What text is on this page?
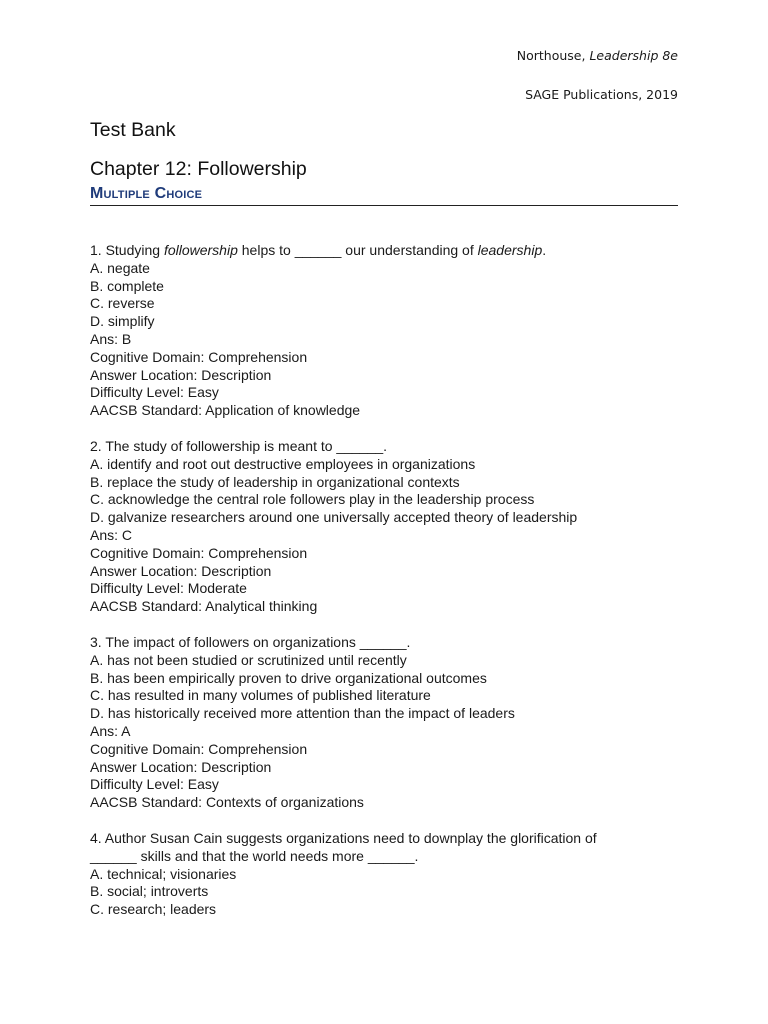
Northouse, Leadership 8e
SAGE Publications, 2019
Test Bank
Chapter 12: Followership
Multiple Choice
1. Studying followership helps to ______ our understanding of leadership.
A. negate
B. complete
C. reverse
D. simplify
Ans: B
Cognitive Domain: Comprehension
Answer Location: Description
Difficulty Level: Easy
AACSB Standard: Application of knowledge
2. The study of followership is meant to ______.
A. identify and root out destructive employees in organizations
B. replace the study of leadership in organizational contexts
C. acknowledge the central role followers play in the leadership process
D. galvanize researchers around one universally accepted theory of leadership
Ans: C
Cognitive Domain: Comprehension
Answer Location: Description
Difficulty Level: Moderate
AACSB Standard: Analytical thinking
3. The impact of followers on organizations ______.
A. has not been studied or scrutinized until recently
B. has been empirically proven to drive organizational outcomes
C. has resulted in many volumes of published literature
D. has historically received more attention than the impact of leaders
Ans: A
Cognitive Domain: Comprehension
Answer Location: Description
Difficulty Level: Easy
AACSB Standard: Contexts of organizations
4. Author Susan Cain suggests organizations need to downplay the glorification of
______ skills and that the world needs more ______.
A. technical; visionaries
B. social; introverts
C. research; leaders
